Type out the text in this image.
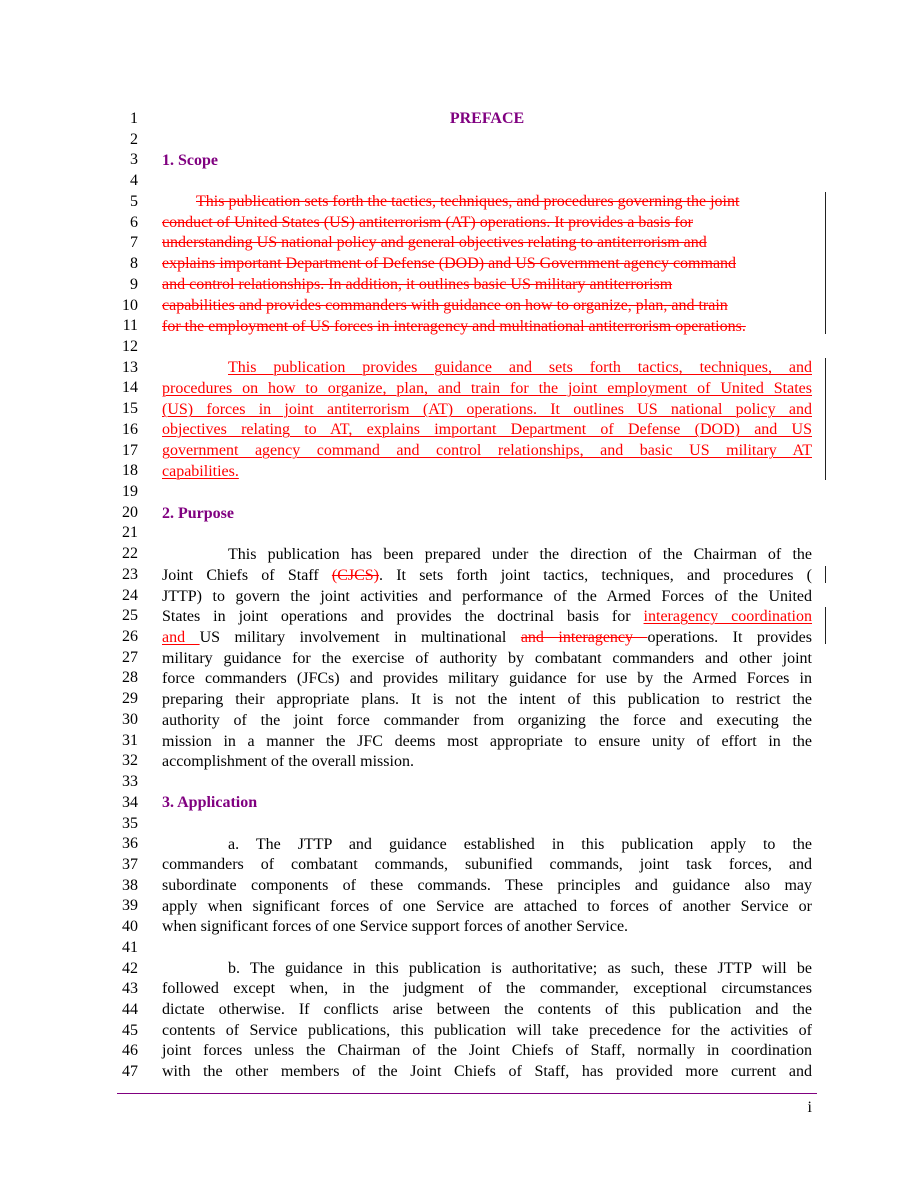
1
2
3
4
5
6
7
8
9
10
11
12
13
14
15
16
17
18
19
20
21
22
23
24
25
26
27
28
29
30
31
32
33
34
35
36
37
38
39
40
41
42
43
44
45
46
47
PREFACE
1. Scope
This publication sets forth the tactics, techniques, and procedures governing the joint
conduct of United States (US) antiterrorism (AT) operations. It provides a basis for
understanding US national policy and general objectives relating to antiterrorism and
explains important Department of Defense (DOD) and US Government agency command
and control relationships. In addition, it outlines basic US military antiterrorism
capabilities and provides commanders with guidance on how to organize, plan, and train
for the employment of US forces in interagency and multinational antiterrorism operations.
This publication provides guidance and sets forth tactics, techniques, and
procedures on how to organize, plan, and train for the joint employment of United States
(US) forces in joint antiterrorism (AT) operations. It outlines US national policy and
objectives relating to AT, explains important Department of Defense (DOD) and US
government agency command and control relationships, and basic US military AT
capabilities.
2. Purpose
This publication has been prepared under the direction of the Chairman of the
Joint Chiefs of Staff (CJCS). It sets forth joint tactics, techniques, and procedures (
JTTP) to govern the joint activities and performance of the Armed Forces of the United
States in joint operations and provides the doctrinal basis for interagency coordination
and US military involvement in multinational and interagency operations. It provides
military guidance for the exercise of authority by combatant commanders and other joint
force commanders (JFCs) and provides military guidance for use by the Armed Forces in
preparing their appropriate plans. It is not the intent of this publication to restrict the
authority of the joint force commander from organizing the force and executing the
mission in a manner the JFC deems most appropriate to ensure unity of effort in the
accomplishment of the overall mission.
3. Application
a. The JTTP and guidance established in this publication apply to the
commanders of combatant commands, subunified commands, joint task forces, and
subordinate components of these commands. These principles and guidance also may
apply when significant forces of one Service are attached to forces of another Service or
when significant forces of one Service support forces of another Service.
b. The guidance in this publication is authoritative; as such, these JTTP will be
followed except when, in the judgment of the commander, exceptional circumstances
dictate otherwise. If conflicts arise between the contents of this publication and the
contents of Service publications, this publication will take precedence for the activities of
joint forces unless the Chairman of the Joint Chiefs of Staff, normally in coordination
with the other members of the Joint Chiefs of Staff, has provided more current and
i
